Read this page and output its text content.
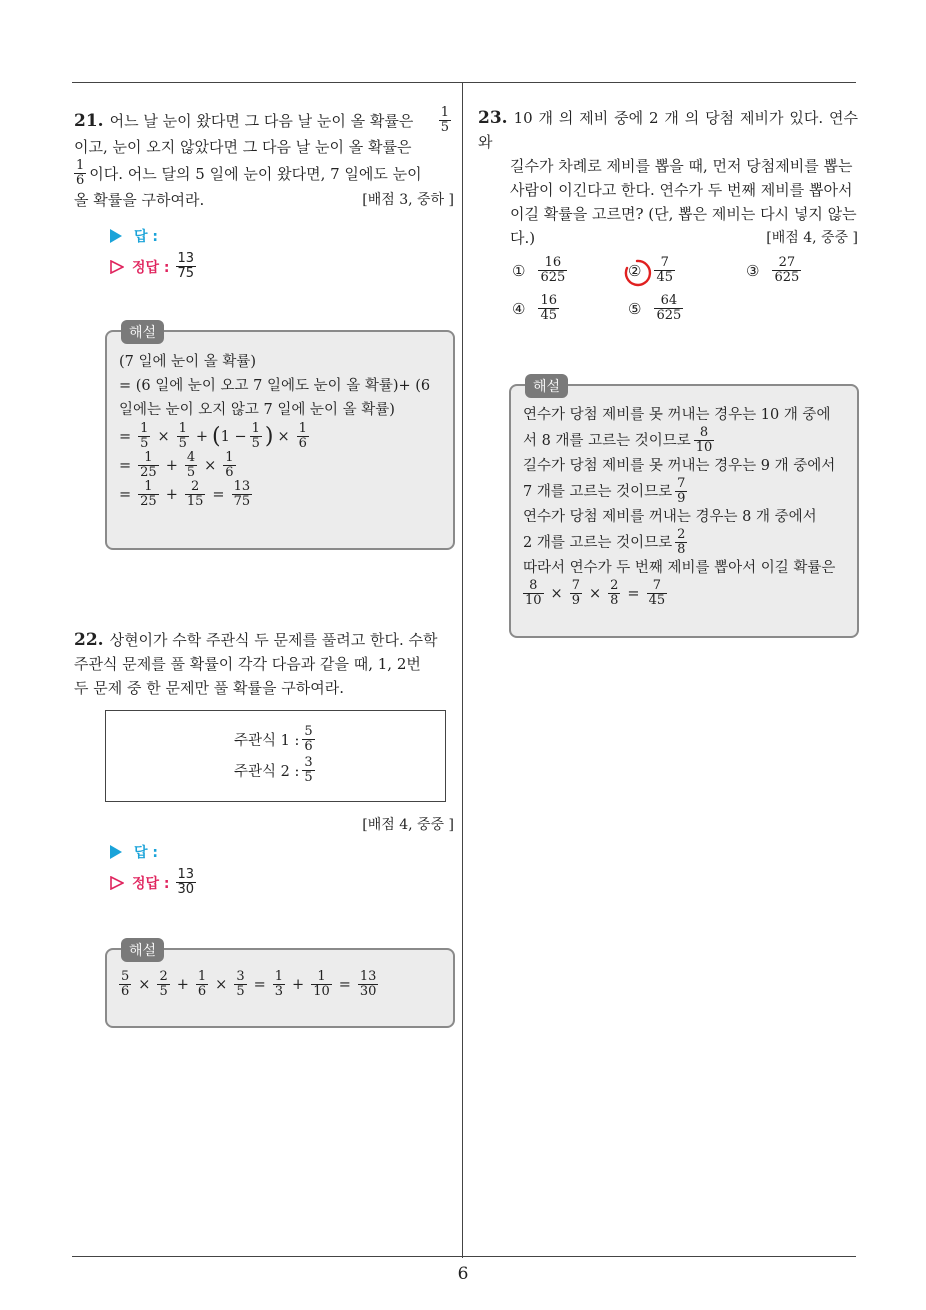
6
21. 어느 날 눈이 왔다면 그 다음 날 눈이 올 확률은 $\frac{1}{5}$
이고, 눈이 오지 않았다면 그 다음 날 눈이 올 확률은
$\frac{1}{6}$ 이다. 어느 달의 5 일에 눈이 왔다면, 7 일에도 눈이
올 확률을 구하여라.	[배점 3, 중하 ]
답 :
정답 : $\frac{13}{75}$
해설
(7 일에 눈이 올 확률)
= (6 일에 눈이 오고 7 일에도 눈이 올 확률)+ (6
일에는 눈이 오지 않고 7 일에 눈이 올 확률)
= $\frac{1}{5} \times \frac{1}{5}$ + ( $1 - \frac{1}{5}$ ) × $\frac{1}{6}$
= $\frac{1}{25} + \frac{4}{5} \times \frac{1}{6}$
= $\frac{1}{25} + \frac{2}{15} = \frac{13}{75}$
22. 상현이가 수학 주관식 두 문제를 풀려고 한다. 수학
주관식 문제를 풀 확률이 각각 다음과 같을 때, 1, 2번
두 문제 중 한 문제만 풀 확률을 구하여라.
주관식 1 : $\frac{5}{6}$
주관식 2 : $\frac{3}{5}$
[배점 4, 중중 ]
답 :
정답 : $\frac{13}{30}$
해설
$\frac{5}{6} \times \frac{2}{5} + \frac{1}{6} \times \frac{3}{5} = \frac{1}{3} + \frac{1}{10} = \frac{13}{30}$
23. 10 개 의 제비 중에 2 개 의 당첨 제비가 있다. 연수와
길수가 차례로 제비를 뽑을 때, 먼저 당첨제비를 뽑는
사람이 이긴다고 한다. 연수가 두 번째 제비를 뽑아서
이길 확률을 고르면? (단, 뽑은 제비는 다시 넣지 않는
다.)	[배점 4, 중중 ]
① $\frac{16}{625}$	② $\frac{7}{45}$	③ $\frac{27}{625}$
④ $\frac{16}{45}$	⑤ $\frac{64}{625}$
해설
연수가 당첨 제비를 못 꺼내는 경우는 10 개 중에
서 8 개를 고르는 것이므로 $\frac{8}{10}$
길수가 당첨 제비를 못 꺼내는 경우는 9 개 중에서
7 개를 고르는 것이므로 $\frac{7}{9}$
연수가 당첨 제비를 꺼내는 경우는 8 개 중에서
2 개를 고르는 것이므로 $\frac{2}{8}$
따라서 연수가 두 번째 제비를 뽑아서 이길 확률은
$\frac{8}{10} \times \frac{7}{9} \times \frac{2}{8} = \frac{7}{45}$
